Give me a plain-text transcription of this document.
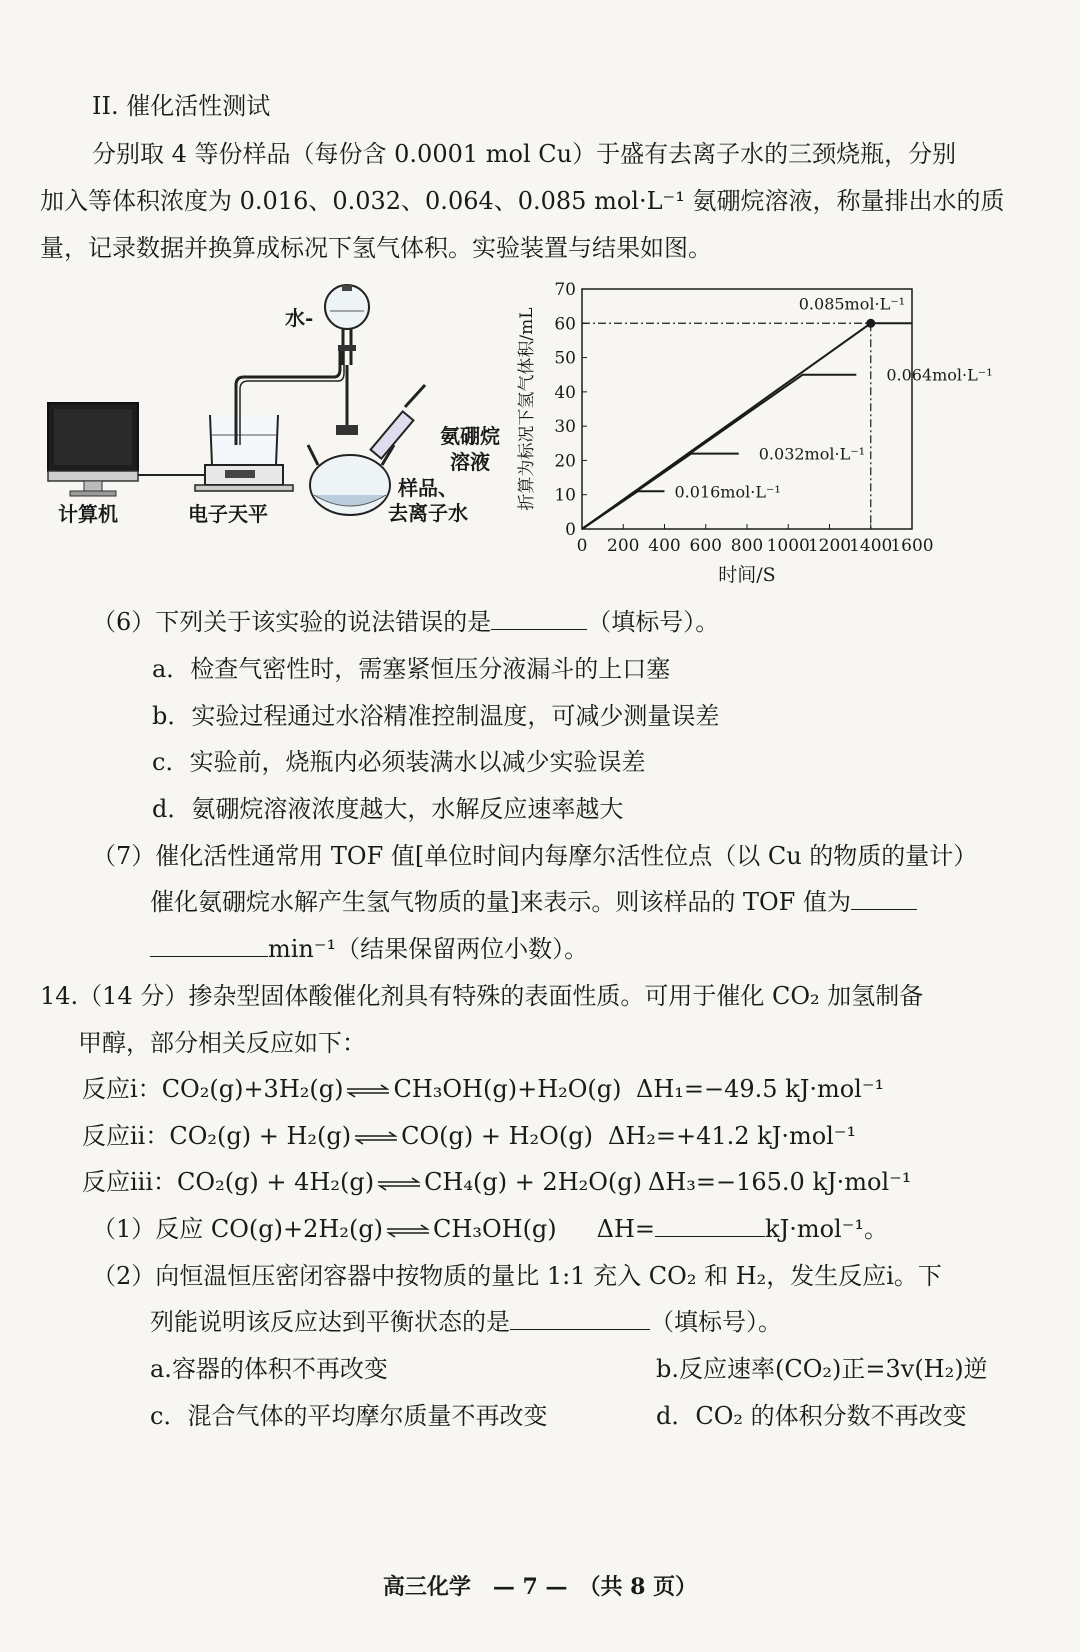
II. 催化活性测试
分别取 4 等份样品（每份含 0.0001 mol Cu）于盛有去离子水的三颈烧瓶，分别
加入等体积浓度为 0.016、0.032、0.064、0.085 mol·L⁻¹ 氨硼烷溶液，称量排出水的质
量，记录数据并换算成标况下氢气体积。实验装置与结果如图。
水-
计算机	电子天平
氨硼烷
溶液
样品、
去离子水
0 200 400 600 800 1000
1200
1400
1600
0
10
20
30
40
50
60
70
时间/S
折算为标况下氢气体积/mL	0.016mol·L⁻¹
0.032mol·L⁻¹
0.064mol·L⁻¹
0.085mol·L⁻¹
（6）下列关于该实验的说法错误的是	（填标号）。
a．检查气密性时，需塞紧恒压分液漏斗的上口塞
b．实验过程通过水浴精准控制温度，可减少测量误差
c．实验前，烧瓶内必须装满水以减少实验误差
d．氨硼烷溶液浓度越大，水解反应速率越大
（7）催化活性通常用 TOF 值[单位时间内每摩尔活性位点（以 Cu 的物质的量计）
催化氨硼烷水解产生氢气物质的量]来表示。则该样品的 TOF 值为
min⁻¹（结果保留两位小数）。
14.（14 分）掺杂型固体酸催化剂具有特殊的表面性质。可用于催化 CO₂ 加氢制备
甲醇，部分相关反应如下：
反应i：CO₂(g)+3H₂(g) ⇌ CH₃OH(g)+H₂O(g) ΔH₁=−49.5 kJ·mol⁻¹
反应ii：CO₂(g) + H₂(g) ⇌ CO(g) + H₂O(g) ΔH₂=+41.2 kJ·mol⁻¹
反应iii：CO₂(g) + 4H₂(g) ⇌ CH₄(g) + 2H₂O(g) ΔH₃=−165.0 kJ·mol⁻¹
（1）反应 CO(g)+2H₂(g) ⇌ CH₃OH(g) ΔH=	kJ·mol⁻¹。
（2）向恒温恒压密闭容器中按物质的量比 1:1 充入 CO₂ 和 H₂，发生反应i。下
列能说明该反应达到平衡状态的是	（填标号）。
a.容器的体积不再改变	b.反应速率(CO₂)正=3v(H₂)逆
c．混合气体的平均摩尔质量不再改变	d．CO₂ 的体积分数不再改变
高三化学　— 7 —　（共 8 页）
